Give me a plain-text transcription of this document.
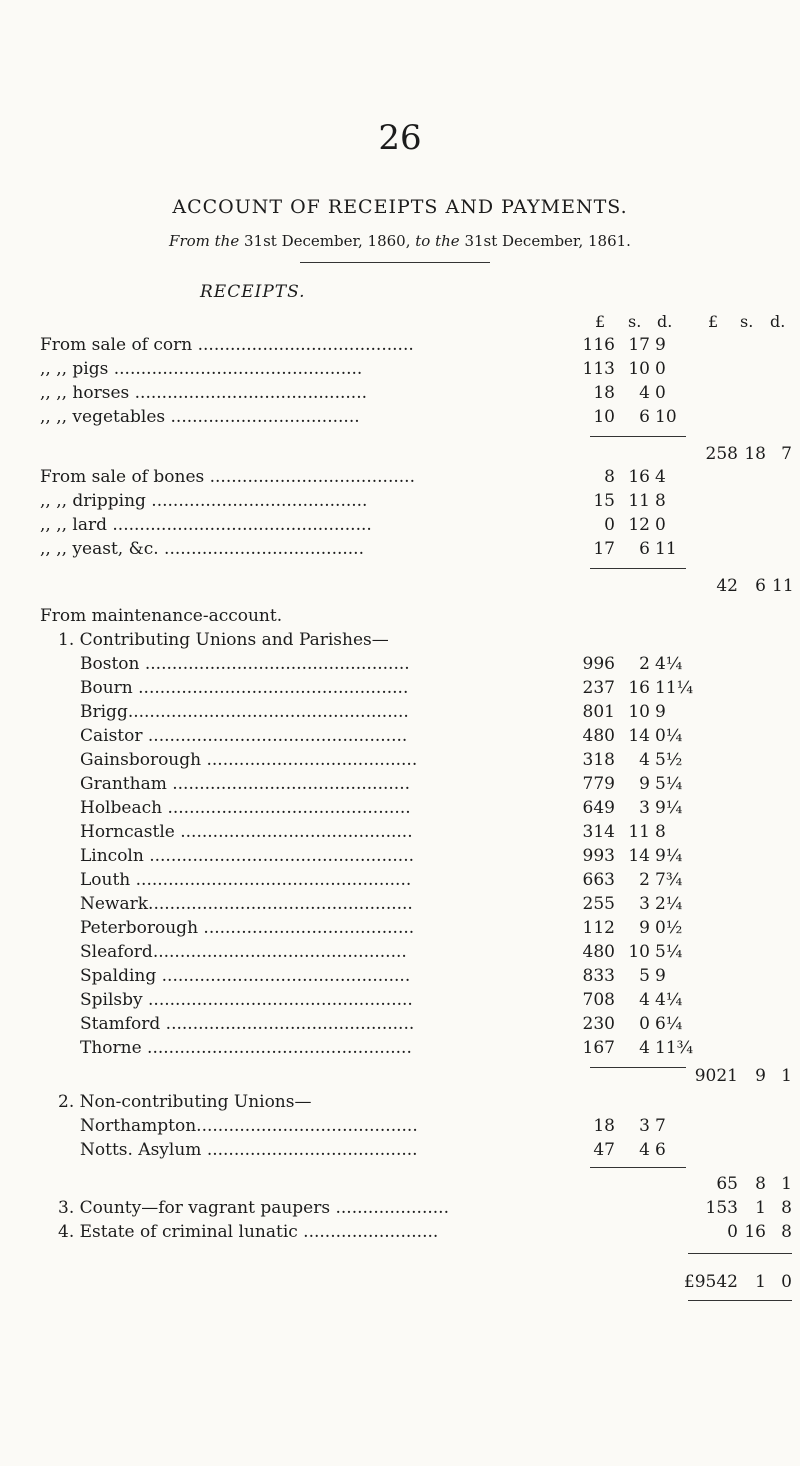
26
ACCOUNT OF RECEIPTS AND PAYMENTS.
From the 31st December, 1860, to the 31st December, 1861.
RECEIPTS.
£ s. d. £ s. d.
From sale of corn ........................................	116 17 9
,, ,, pigs ..............................................	113 10 0
,, ,, horses ...........................................	18	4 0
,, ,, vegetables ...................................	10	6 10
258 18 7
From sale of bones ......................................	8 16 4
,, ,, dripping ........................................	15 11 8
,, ,, lard ................................................	0 12 0
,, ,, yeast, &c. .....................................	17	6 11
42	6 11
From maintenance-account.
1. Contributing Unions and Parishes—
Boston .................................................	996	2 4¼
Bourn ..................................................	237 16 11¼
Brigg....................................................	801 10 9
Caistor ................................................	480 14 0¼
Gainsborough .......................................	318	4 5½
Grantham ............................................	779	9 5¼
Holbeach .............................................	649	3 9¼
Horncastle ...........................................	314 11 8
Lincoln .................................................	993 14 9¼
Louth ...................................................	663	2 7¾
Newark.................................................	255	3 2¼
Peterborough .......................................	112	9 0½
Sleaford...............................................	480 10 5¼
Spalding ..............................................	833	5 9
Spilsby .................................................	708	4 4¼
Stamford ..............................................	230	0 6¼
Thorne .................................................	167	4 11¾
9021	9 1
2. Non-contributing Unions—
Northampton.........................................	18	3 7
Notts. Asylum .......................................	47	4 6
65	8 1
3. County—for vagrant paupers .....................	153	1 8
4. Estate of criminal lunatic .........................	0 16 8
£9542	1 0
